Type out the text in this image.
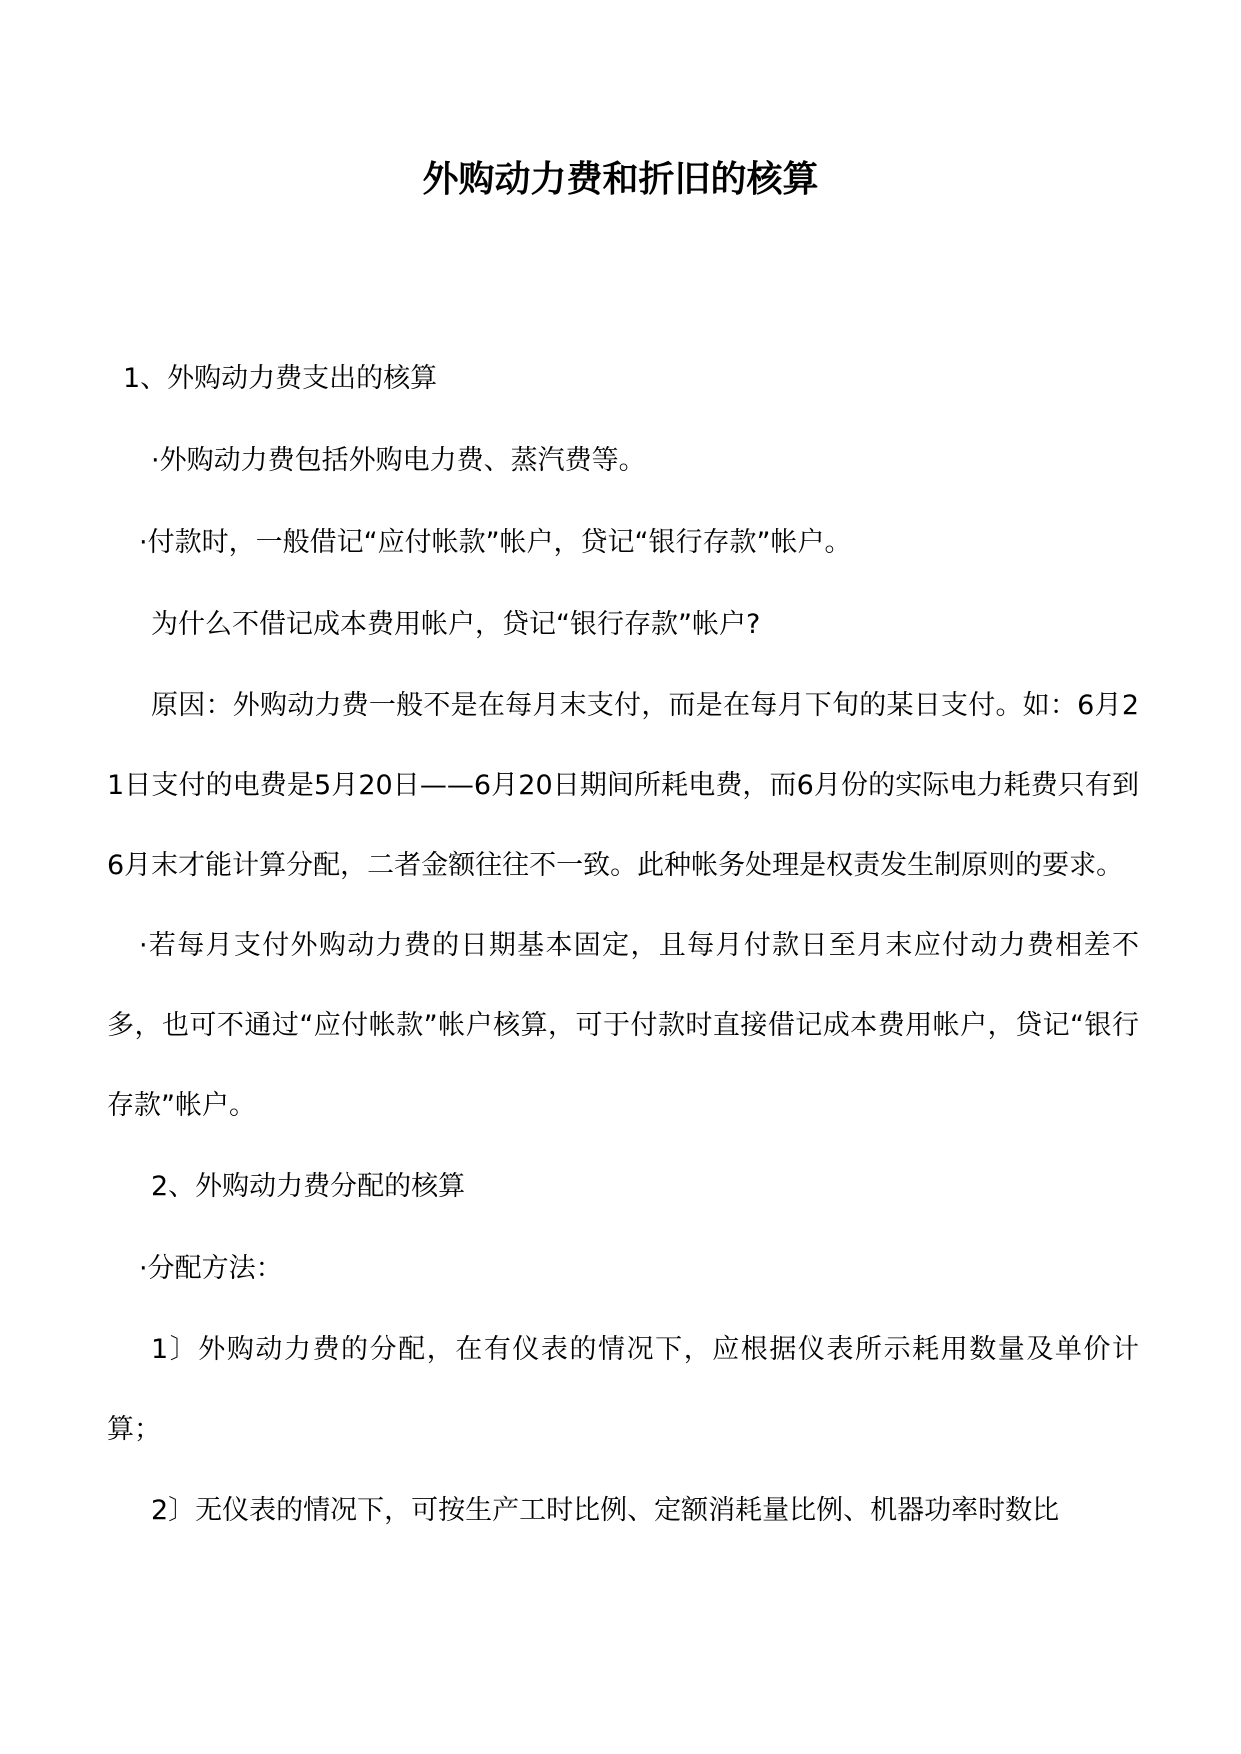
外购动力费和折旧的核算

1、外购动力费支出的核算

·外购动力费包括外购电力费、蒸汽费等。

·付款时，一般借记“应付帐款”帐户，贷记“银行存款”帐户。

为什么不借记成本费用帐户，贷记“银行存款”帐户?

原因：外购动力费一般不是在每月末支付，而是在每月下旬的某日支付。如：6月21日支付的电费是5月20日——6月20日期间所耗电费，而6月份的实际电力耗费只有到6月末才能计算分配，二者金额往往不一致。此种帐务处理是权责发生制原则的要求。

·若每月支付外购动力费的日期基本固定，且每月付款日至月末应付动力费相差不多，也可不通过“应付帐款”帐户核算，可于付款时直接借记成本费用帐户，贷记“银行存款”帐户。

2、外购动力费分配的核算

·分配方法：

1〕外购动力费的分配，在有仪表的情况下，应根据仪表所示耗用数量及单价计算；

2〕无仪表的情况下，可按生产工时比例、定额消耗量比例、机器功率时数比
